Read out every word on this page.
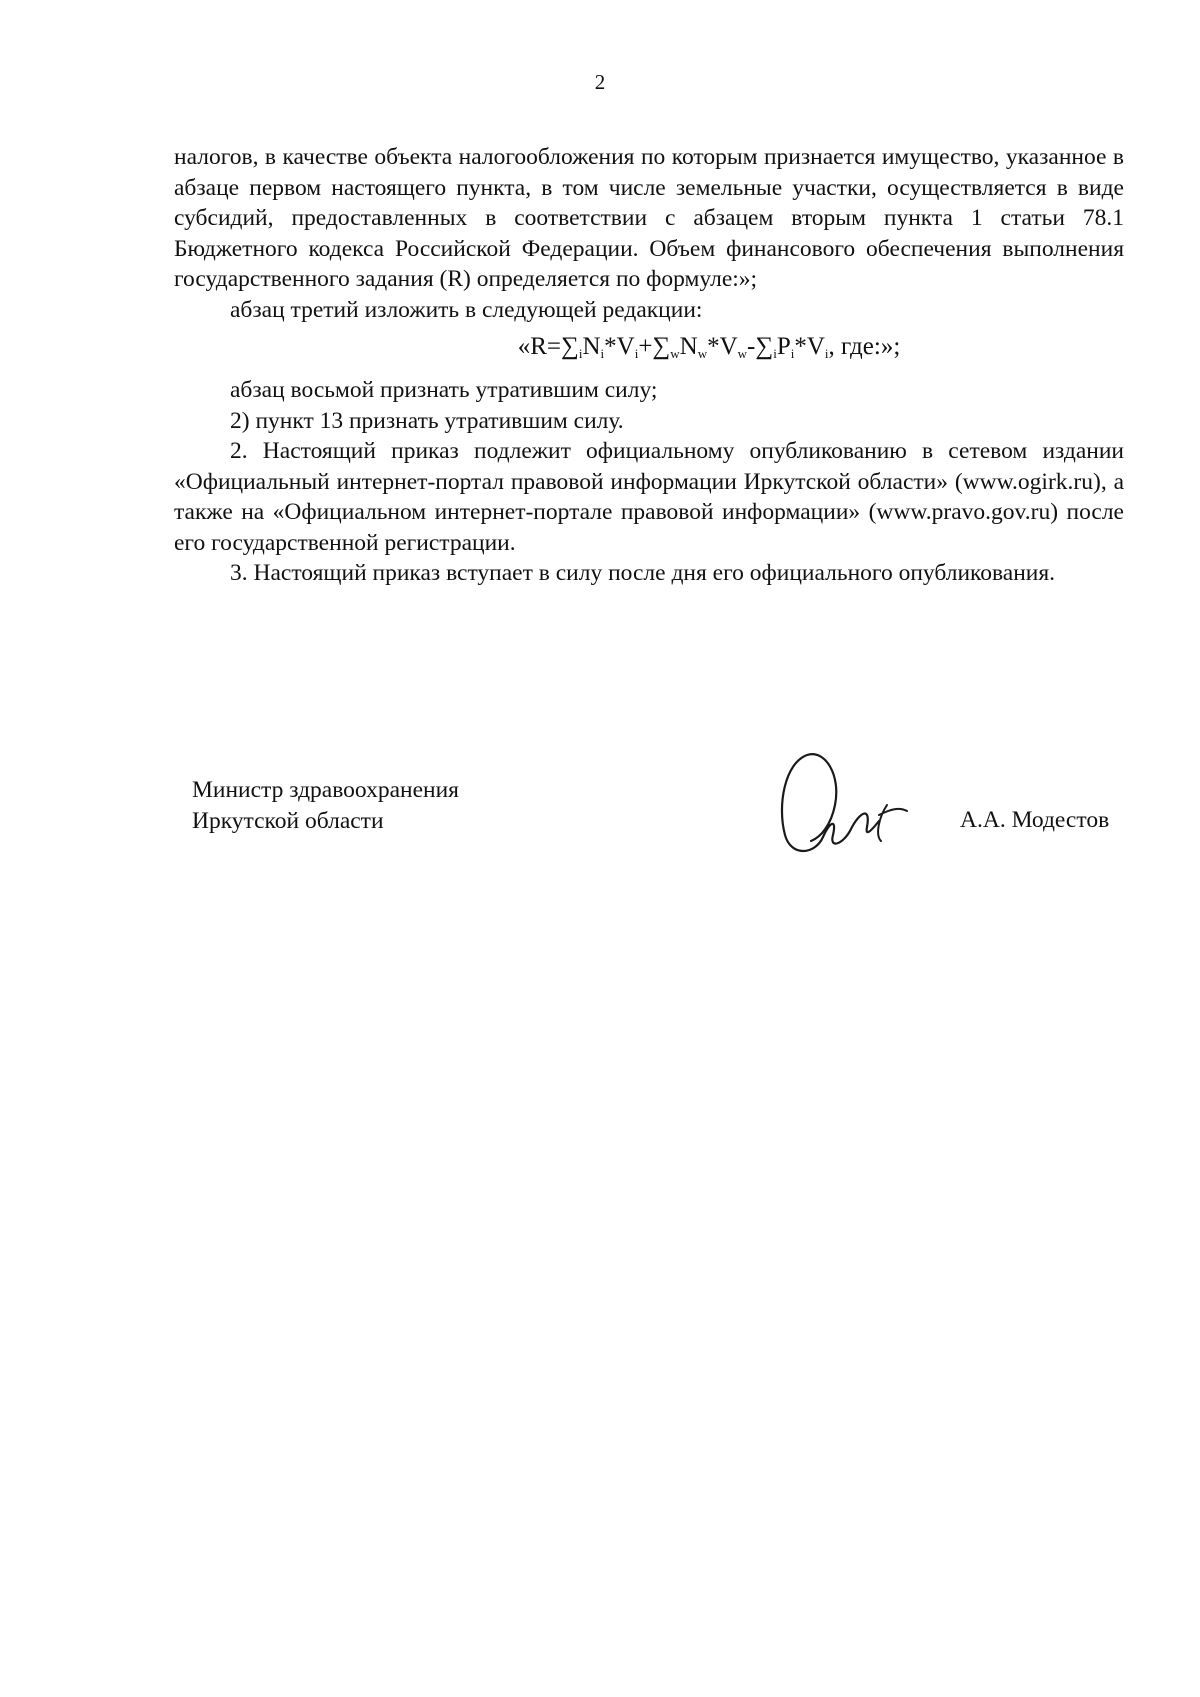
2

налогов, в качестве объекта налогообложения по которым признается имущество, указанное в абзаце первом настоящего пункта, в том числе земельные участки, осуществляется в виде субсидий, предоставленных в соответствии с абзацем вторым пункта 1 статьи 78.1 Бюджетного кодекса Российской Федерации. Объем финансового обеспечения выполнения государственного задания (R) определяется по формуле:»;

абзац третий изложить в следующей редакции:

«$R=\sum_iN_i*V_i+\sum_wN_w*V_w-\sum_iP_i*V_i$, где:»;

абзац восьмой признать утратившим силу;

2) пункт 13 признать утратившим силу.

2. Настоящий приказ подлежит официальному опубликованию в сетевом издании «Официальный интернет-портал правовой информации Иркутской области» (www.ogirk.ru), а также на «Официальном интернет-портале правовой информации» (www.pravo.gov.ru) после его государственной регистрации.

3. Настоящий приказ вступает в силу после дня его официального опубликования.

Министр здравоохранения
Иркутской области	А.А. Модестов
